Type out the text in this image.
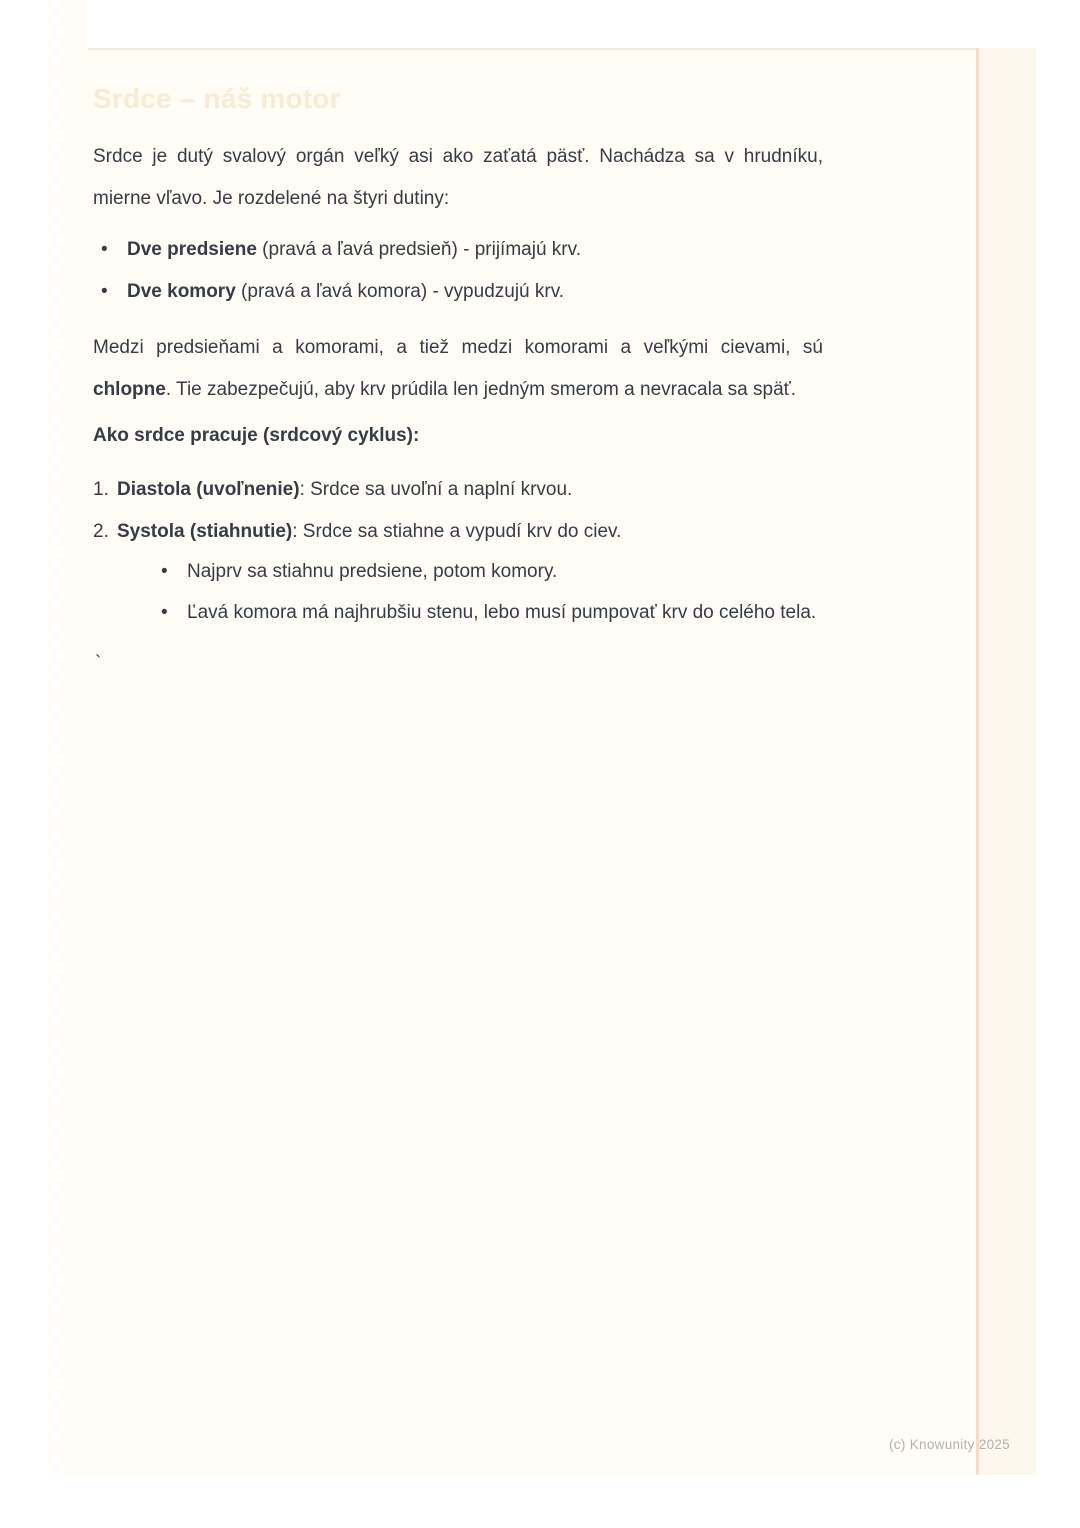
Srdce – náš motor

Srdce je dutý svalový orgán veľký asi ako zaťatá päsť. Nachádza sa v hrudníku, mierne vľavo. Je rozdelené na štyri dutiny:

• Dve predsiene (pravá a ľavá predsieň) - prijímajú krv.
• Dve komory (pravá a ľavá komora) - vypudzujú krv.

Medzi predsieňami a komorami, a tiež medzi komorami a veľkými cievami, sú chlopne. Tie zabezpečujú, aby krv prúdila len jedným smerom a nevracala sa späť.

Ako srdce pracuje (srdcový cyklus):

1. Diastola (uvoľnenie): Srdce sa uvoľní a naplní krvou.
2. Systola (stiahnutie): Srdce sa stiahne a vypudí krv do ciev.
• Najprv sa stiahnu predsiene, potom komory.
• Ľavá komora má najhrubšiu stenu, lebo musí pumpovať krv do celého tela.

`

(c) Knowunity 2025
